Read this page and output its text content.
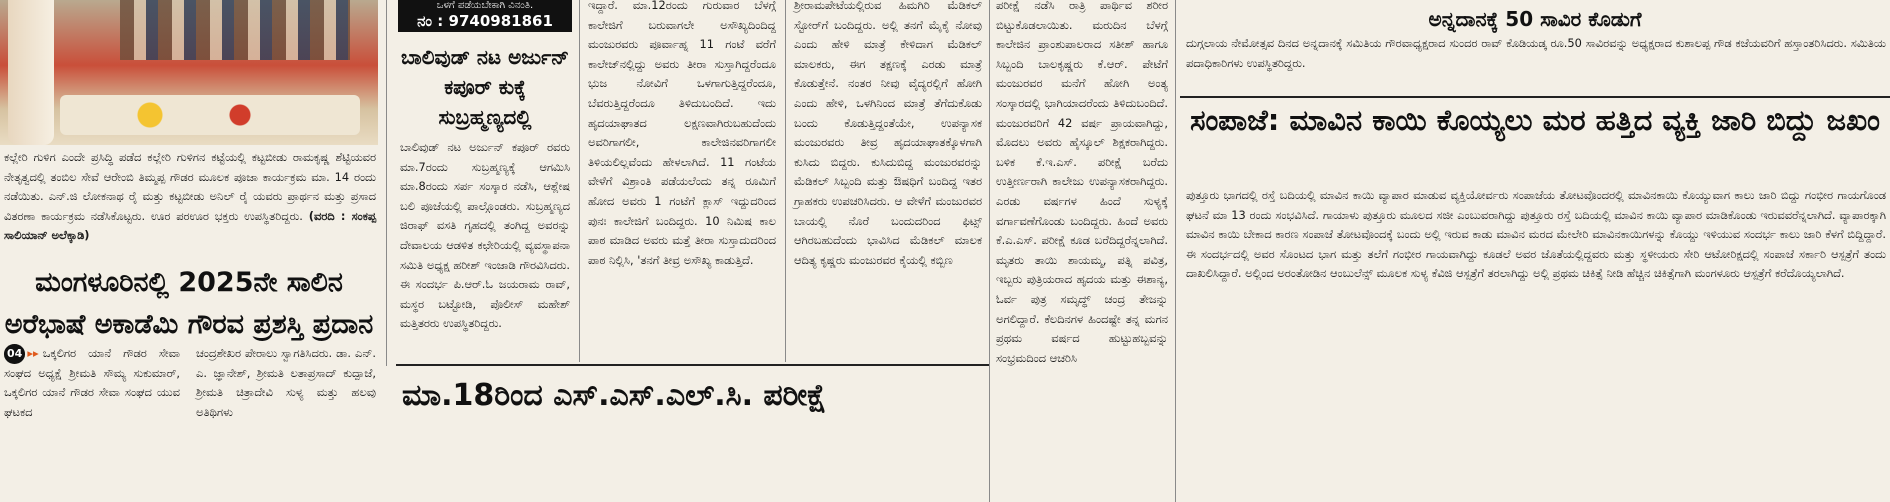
ಕಲ್ಲೇರಿ ಗುಳಿಗ ಎಂದೇ ಪ್ರಸಿದ್ಧಿ ಪಡೆದ ಕಲ್ಲೇರಿ ಗುಳಿಗನ ಕಟ್ಟೆಯಲ್ಲಿ ಕಟ್ಟಬೀಡು ರಾಮಕೃಷ್ಣ ಶೆಟ್ಟಿಯವರ ನೇತೃತ್ವದಲ್ಲಿ ತಂಬಿಲ ಸೇವೆ ಆರೇಂಬಿ ತಿಮ್ಮಪ್ಪ ಗೌಡರ ಮೂಲಕ ಪೂಜಾ ಕಾರ್ಯಕ್ರಮ ಮಾ. 14 ರಂದು ನಡೆಯಿತು. ಎನ್.ಜಿ ಲೋಕನಾಥ ರೈ ಮತ್ತು ಕಟ್ಟಬೀಡು ಅನಿಲ್ ರೈ ಯವರು ಪ್ರಾರ್ಥನ ಮತ್ತು ಪ್ರಸಾದ ವಿತರಣಾ ಕಾರ್ಯಕ್ರಮ ನಡೆಸಿಕೊಟ್ಟರು. ಊರ ಪರಊರ ಭಕ್ತರು ಉಪಸ್ಥಿತರಿದ್ದರು. (ವರದಿ : ಸಂಕಪ್ಪ ಸಾಲಿಯಾನ್ ಅಲೆಕ್ಕಾಡಿ)

ಮಂಗಳೂರಿನಲ್ಲಿ 2025ನೇ ಸಾಲಿನ ಅರೆಭಾಷೆ ಅಕಾಡೆಮಿ ಗೌರವ ಪ್ರಶಸ್ತಿ ಪ್ರದಾನ

04 ▸▸ ಒಕ್ಕಲಿಗರ ಯಾನೆ ಗೌಡರ ಸೇವಾ ಸಂಘದ ಅಧ್ಯಕ್ಷೆ ಶ್ರೀಮತಿ ಸೌಮ್ಯ ಸುಕುಮಾರ್, ಒಕ್ಕಲಿಗರ ಯಾನೆ ಗೌಡರ ಸೇವಾ ಸಂಘದ ಯುವ ಘಟಕದ

ಚಂದ್ರಶೇಖರ ಪೇರಾಲು ಸ್ವಾಗತಿಸಿದರು. ಡಾ. ಎನ್. ಎ. ಜ್ಞಾನೇಶ್, ಶ್ರೀಮತಿ ಲತಾಪ್ರಸಾದ್ ಕುದ್ಪಾಜೆ, ಶ್ರೀಮತಿ ಚಿತ್ರಾದೇವಿ ಸುಳ್ಯ ಮತ್ತು ಹಲವು ಅತಿಥಿಗಳು

ಒಳಗೆ ಪಡೆಯಬೇಕಾಗಿ ವಿನಂತಿ.

ನಂ : 9740981861

ಬಾಲಿವುಡ್ ನಟ ಅರ್ಜುನ್ ಕಪೂರ್ ಕುಕ್ಕೆ ಸುಬ್ರಹ್ಮಣ್ಯದಲ್ಲಿ

ಬಾಲಿವುಡ್ ನಟ ಅರ್ಜುನ್ ಕಪೂರ್ ರವರು ಮಾ.7ರಂದು ಸುಬ್ರಹ್ಮಣ್ಯಕ್ಕೆ ಆಗಮಿಸಿ ಮಾ.8ರಂದು ಸರ್ಪ ಸಂಸ್ಕಾರ ನಡೆಸಿ, ಆಶ್ಲೇಷ ಬಲಿ ಪೂಜೆಯಲ್ಲಿ ಪಾಲ್ಗೊಂಡರು. ಸುಬ್ರಹ್ಮಣ್ಯದ ಜಿರಾಫ್ ವಸತಿ ಗೃಹದಲ್ಲಿ ತಂಗಿದ್ದ ಅವರನ್ನು ದೇವಾಲಯ ಆಡಳಿತ ಕಛೇರಿಯಲ್ಲಿ ವ್ಯವಸ್ಥಾಪನಾ ಸಮಿತಿ ಅಧ್ಯಕ್ಷ ಹರೀಶ್ ಇಂಜಾಡಿ ಗೌರವಿಸಿದರು. ಈ ಸಂದರ್ಭ ಪಿ.ಆರ್.ಓ ಜಯರಾಮ ರಾವ್, ಮಸ್ಥರ ಬಟ್ಟೋಡಿ, ಪೊಲೀಸ್ ಮಹೇಶ್ ಮತ್ತಿತರರು ಉಪಸ್ಥಿತರಿದ್ದರು.

ಇದ್ದಾರೆ. ಮಾ.12ರಂದು ಗುರುವಾರ ಬೆಳಗ್ಗೆ ಕಾಲೇಜಿಗೆ ಬರುವಾಗಲೇ ಅಸೌಖ್ಯದಿಂದಿದ್ದ ಮಂಜುರವರು ಪೂರ್ವಾಹ್ನ 11 ಗಂಟೆ ವರೆಗೆ ಕಾಲೇಜ್‌ನಲ್ಲಿದ್ದು ಅವರು ತೀರಾ ಸುಸ್ತಾಗಿದ್ದರೆಂದೂ ಭುಜ ನೋವಿಗೆ ಒಳಗಾಗುತ್ತಿದ್ದರೆಂದೂ, ಬೆವರುತ್ತಿದ್ದರೆಂದೂ ತಿಳಿದುಬಂದಿದೆ. ಇದು ಹೃದಯಾಘಾತದ ಲಕ್ಷಣವಾಗಿರುಬಹುದೆಂದು ಅವರಿಗಾಗಲೀ, ಕಾಲೇಜಿನವರಿಗಾಗಲೀ ತಿಳಿಯಲಿಲ್ಲವೆಂದು ಹೇಳಲಾಗಿದೆ. 11 ಗಂಟೆಯ ವೇಳೆಗೆ ವಿಶ್ರಾಂತಿ ಪಡೆಯಲೆಂದು ತನ್ನ ರೂಮಿಗೆ ಹೋದ ಅವರು 1 ಗಂಟೆಗೆ ಕ್ಲಾಸ್ ಇದ್ದುದರಿಂದ ಪುನಃ ಕಾಲೇಜಿಗೆ ಬಂದಿದ್ದರು. 10 ನಿಮಿಷ ಕಾಲ ಪಾಠ ಮಾಡಿದ ಅವರು ಮತ್ತೆ ತೀರಾ ಸುಸ್ತಾದುದರಿಂದ ಪಾಠ ನಿಲ್ಲಿಸಿ, 'ತನಗೆ ತೀವ್ರ ಅಸೌಖ್ಯ ಕಾಡುತ್ತಿದೆ.

ಶ್ರೀರಾಮಪೇಟೆಯಲ್ಲಿರುವ ಹಿಮಗಿರಿ ಮೆಡಿಕಲ್ ಸ್ಟೋರ್‌ಗೆ ಬಂದಿದ್ದರು. ಅಲ್ಲಿ ತನಗೆ ಮೈಕೈ ನೋವು ಎಂದು ಹೇಳಿ ಮಾತ್ರೆ ಕೇಳಿದಾಗ ಮೆಡಿಕಲ್ ಮಾಲಕರು, ಈಗ ತಕ್ಷಣಕ್ಕೆ ಎರಡು ಮಾತ್ರೆ ಕೊಡುತ್ತೇನೆ. ನಂತರ ನೀವು ವೈದ್ಯರಲ್ಲಿಗೆ ಹೋಗಿ ಎಂದು ಹೇಳಿ, ಒಳಗಿನಿಂದ ಮಾತ್ರೆ ತೆಗೆದುಕೊಡು ಬಂದು ಕೊಡುತ್ತಿದ್ದಂತೆಯೇ, ಉಪನ್ಯಾಸಕ ಮಂಜುರವರು ತೀವ್ರ ಹೃದಯಾಘಾತಕ್ಕೊಳಗಾಗಿ ಕುಸಿದು ಬಿದ್ದರು. ಕುಸಿದುಬಿದ್ದ ಮಂಜುರವರನ್ನು ಮೆಡಿಕಲ್ ಸಿಬ್ಬಂದಿ ಮತ್ತು ಔಷಧಿಗೆ ಬಂದಿದ್ದ ಇತರ ಗ್ರಾಹಕರು ಉಪಚರಿಸಿದರು. ಆ ವೇಳೆಗೆ ಮಂಜುರವರ ಬಾಯಲ್ಲಿ ನೊರೆ ಬಂದುದರಿಂದ ಫಿಟ್ಸ್ ಆಗಿರಬಹುದೆಂದು ಭಾವಿಸಿದ ಮೆಡಿಕಲ್ ಮಾಲಕ ಆದಿತ್ಯ ಕೃಷ್ಣರು ಮಂಜುರವರ ಕೈಯಲ್ಲಿ ಕಬ್ಬಿಣ

ಮಾ.18ರಿಂದ ಎಸ್.ಎಸ್.ಎಲ್.ಸಿ. ಪರೀಕ್ಷೆ

ಪರೀಕ್ಷೆ ನಡೆಸಿ ರಾತ್ರಿ ಪಾರ್ಥಿವ ಶರೀರ ಬಿಟ್ಟುಕೊಡಲಾಯಿತು. ಮರುದಿನ ಬೆಳಗ್ಗೆ ಕಾಲೇಜಿನ ಪ್ರಾಂಶುಪಾಲರಾದ ಸತೀಶ್ ಹಾಗೂ ಸಿಬ್ಬಂದಿ ಬಾಲಕೃಷ್ಣರು ಕೆ.ಆರ್. ಪೇಟೆಗೆ ಮಂಜುರವರ ಮನೆಗೆ ಹೋಗಿ ಅಂತ್ಯ ಸಂಸ್ಕಾರದಲ್ಲಿ ಭಾಗಿಯಾದರೆಂದು ತಿಳಿದುಬಂದಿದೆ. ಮಂಜುರವರಿಗೆ 42 ವರ್ಷ ಪ್ರಾಯವಾಗಿದ್ದು, ಮೊದಲು ಅವರು ಹೈಸ್ಕೂಲ್ ಶಿಕ್ಷಕರಾಗಿದ್ದರು. ಬಳಿಕ ಕೆ.ಇ.ಎಸ್. ಪರೀಕ್ಷೆ ಬರೆದು ಉತ್ತೀರ್ಣರಾಗಿ ಕಾಲೇಜು ಉಪನ್ಯಾಸಕರಾಗಿದ್ದರು. ಎರಡು ವರ್ಷಗಳ ಹಿಂದೆ ಸುಳ್ಯಕ್ಕೆ ವರ್ಗಾವಣೆಗೊಂಡು ಬಂದಿದ್ದರು. ಹಿಂದೆ ಅವರು ಕೆ.ಎ.ಎಸ್. ಪರೀಕ್ಷೆ ಕೂಡ ಬರೆದಿದ್ದರೆನ್ನಲಾಗಿದೆ. ಮೃತರು ತಾಯಿ ಶಾಯಮ್ಮ, ಪತ್ನಿ ಪವಿತ್ರ, ಇಬ್ಬರು ಪುತ್ರಿಯರಾದ ಹೃದಯ ಮತ್ತು ಈಶಾನ್ಯ, ಓರ್ವ ಪುತ್ರ ಸಮೃದ್ಧ್ ಚಂದ್ರ ತೇಜನ್ನು ಅಗಲಿದ್ದಾರೆ. ಕೆಲದಿನಗಳ ಹಿಂದಷ್ಟೇ ತನ್ನ ಮಗನ ಪ್ರಥಮ ವರ್ಷದ ಹುಟ್ಟುಹಬ್ಬವನ್ನು ಸಂಭ್ರಮದಿಂದ ಆಚರಿಸಿ

ಅನ್ನದಾನಕ್ಕೆ 50 ಸಾವಿರ ಕೊಡುಗೆ

ದುಗ್ಗಲಾಯ ನೇಮೋತ್ಸವ ದಿನದ ಅನ್ನದಾನಕ್ಕೆ ಸಮಿತಿಯ ಗೌರವಾಧ್ಯಕ್ಷರಾದ ಸುಂದರ ರಾವ್ ಕೊಡಿಯಡ್ಕ ರೂ.50 ಸಾವಿರವನ್ನು ಅಧ್ಯಕ್ಷರಾದ ಕುಶಾಲಪ್ಪ ಗೌಡ ಕಜೆಯವರಿಗೆ ಹಸ್ತಾಂತರಿಸಿದರು. ಸಮಿತಿಯ ಪದಾಧಿಕಾರಿಗಳು ಉಪಸ್ಥಿತರಿದ್ದರು.

ಸಂಪಾಜೆ: ಮಾವಿನ ಕಾಯಿ ಕೊಯ್ಯಲು ಮರ ಹತ್ತಿದ ವ್ಯಕ್ತಿ ಜಾರಿ ಬಿದ್ದು ಜಖಂ

ಪುತ್ತೂರು ಭಾಗದಲ್ಲಿ ರಸ್ತೆ ಬದಿಯಲ್ಲಿ ಮಾವಿನ ಕಾಯಿ ವ್ಯಾಪಾರ ಮಾಡುವ ವ್ಯಕ್ತಿಯೋರ್ವರು ಸಂಪಾಜೆಯ ತೋಟವೊಂದರಲ್ಲಿ ಮಾವಿನಕಾಯಿ ಕೊಯ್ಯುವಾಗ ಕಾಲು ಜಾರಿ ಬಿದ್ದು ಗಂಭೀರ ಗಾಯಗೊಂಡ ಘಟನೆ ಮಾ 13 ರಂದು ಸಂಭವಿಸಿದೆ. ಗಾಯಾಳು ಪುತ್ತೂರು ಮೂಲದ ಸಜೀ ಎಂಬುವರಾಗಿದ್ದು ಪುತ್ತೂರು ರಸ್ತೆ ಬದಿಯಲ್ಲಿ ಮಾವಿನ ಕಾಯಿ ವ್ಯಾಪಾರ ಮಾಡಿಕೊಂಡು ಇರುವವರೆನ್ನಲಾಗಿದೆ. ವ್ಯಾಪಾರಕ್ಕಾಗಿ ಮಾವಿನ ಕಾಯಿ ಬೇಕಾದ ಕಾರಣ ಸಂಪಾಜೆ ತೋಟವೊಂದಕ್ಕೆ ಬಂದು ಅಲ್ಲಿ ಇರುವ ಕಾಡು ಮಾವಿನ ಮರದ ಮೇಲೇರಿ ಮಾವಿನಕಾಯಿಗಳನ್ನು ಕೊಯ್ದು ಇಳಿಯುವ ಸಂದರ್ಭ ಕಾಲು ಜಾರಿ ಕೆಳಗೆ ಬಿದ್ದಿದ್ದಾರೆ. ಈ ಸಂದರ್ಭದಲ್ಲಿ ಅವರ ಸೊಂಟದ ಭಾಗ ಮತ್ತು ತಲೆಗೆ ಗಂಭೀರ ಗಾಯವಾಗಿದ್ದು ಕೂಡಲೆ ಅವರ ಜೊತೆಯಲ್ಲಿದ್ದವರು ಮತ್ತು ಸ್ಥಳೀಯರು ಸೇರಿ ಆಟೋರಿಕ್ಷದಲ್ಲಿ ಸಂಪಾಜೆ ಸರ್ಕಾರಿ ಆಸ್ಪತ್ರೆಗೆ ತಂದು ದಾಖಲಿಸಿದ್ದಾರೆ. ಅಲ್ಲಿಂದ ಅರಂತೋಡಿನ ಆಂಬುಲೆನ್ಸ್ ಮೂಲಕ ಸುಳ್ಯ ಕೆವಿಜಿ ಆಸ್ಪತ್ರೆಗೆ ತರಲಾಗಿದ್ದು ಅಲ್ಲಿ ಪ್ರಥಮ ಚಿಕಿತ್ಸೆ ನೀಡಿ ಹೆಚ್ಚಿನ ಚಿಕಿತ್ಸೆಗಾಗಿ ಮಂಗಳೂರು ಆಸ್ಪತ್ರೆಗೆ ಕರೆದೊಯ್ಯಲಾಗಿದೆ.
